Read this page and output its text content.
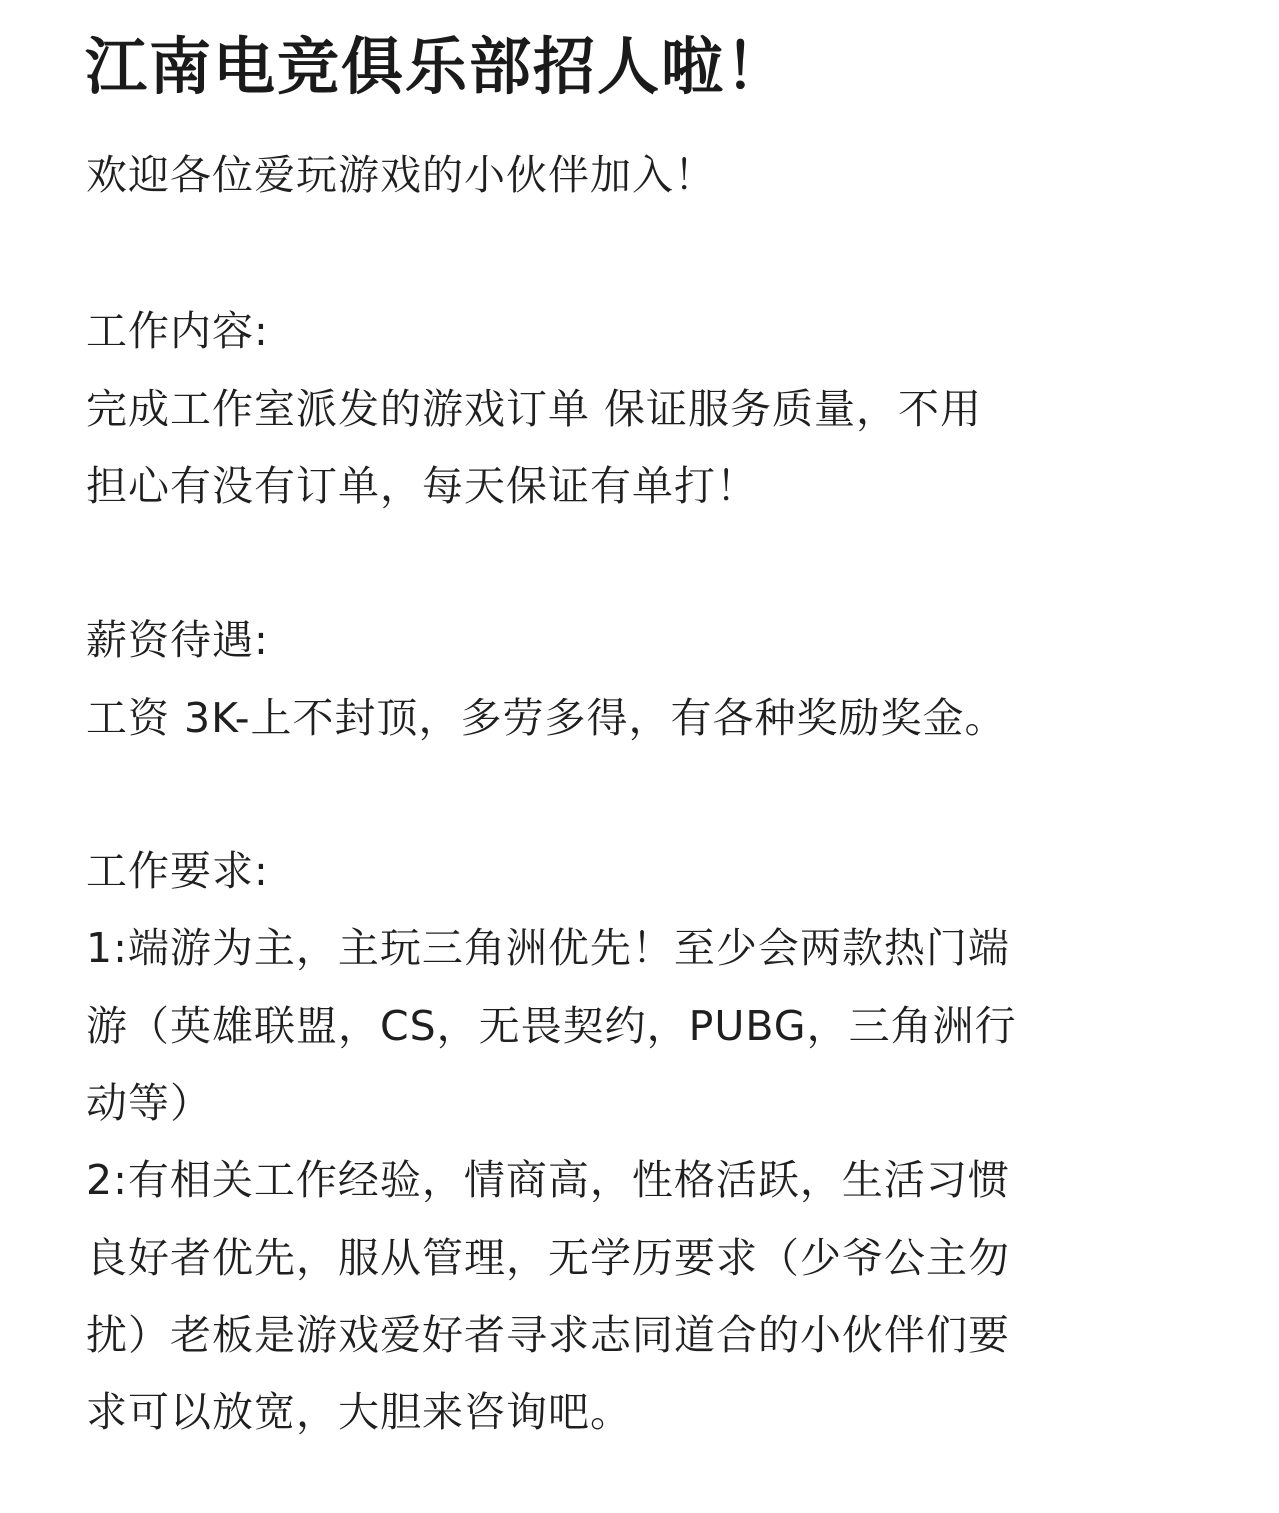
江南电竞俱乐部招人啦！

欢迎各位爱玩游戏的小伙伴加入！

工作内容:

完成工作室派发的游戏订单 保证服务质量，不用

担心有没有订单，每天保证有单打！

薪资待遇:

工资 3K-上不封顶，多劳多得，有各种奖励奖金。

工作要求:

1:端游为主，主玩三角洲优先！至少会两款热门端

游（英雄联盟，CS，无畏契约，PUBG，三角洲行

动等）

2:有相关工作经验，情商高，性格活跃，生活习惯

良好者优先，服从管理，无学历要求（少爷公主勿

扰）老板是游戏爱好者寻求志同道合的小伙伴们要

求可以放宽，大胆来咨询吧。
